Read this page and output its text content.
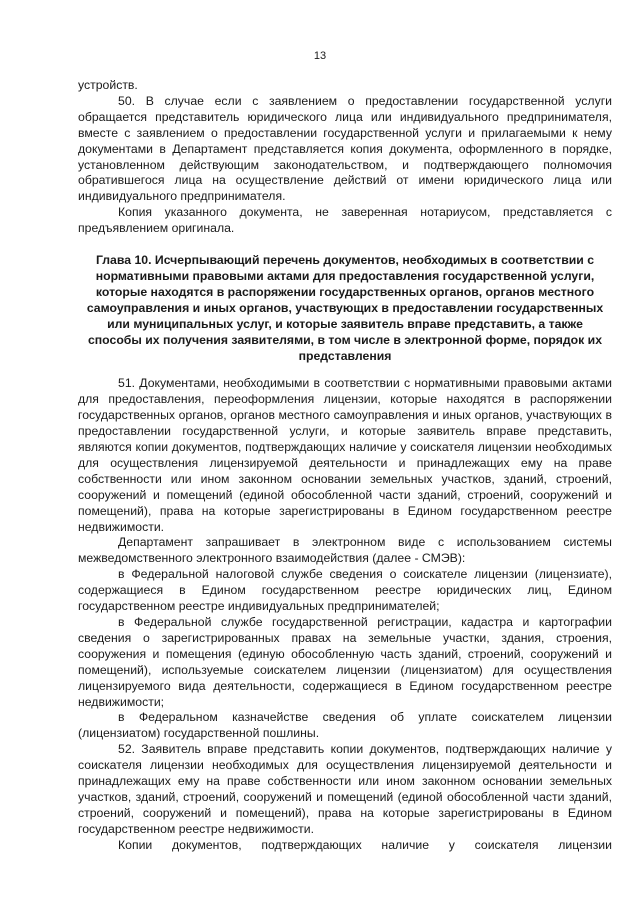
13

устройств.

50. В случае если с заявлением о предоставлении государственной услуги обращается представитель юридического лица или индивидуального предпринимателя, вместе с заявлением о предоставлении государственной услуги и прилагаемыми к нему документами в Департамент представляется копия документа, оформленного в порядке, установленном действующим законодательством, и подтверждающего полномочия обратившегося лица на осуществление действий от имени юридического лица или индивидуального предпринимателя.

Копия указанного документа, не заверенная нотариусом, представляется с предъявлением оригинала.

Глава 10. Исчерпывающий перечень документов, необходимых в соответствии с нормативными правовыми актами для предоставления государственной услуги, которые находятся в распоряжении государственных органов, органов местного самоуправления и иных органов, участвующих в предоставлении государственных или муниципальных услуг, и которые заявитель вправе представить, а также способы их получения заявителями, в том числе в электронной форме, порядок их представления

51. Документами, необходимыми в соответствии с нормативными правовыми актами для предоставления, переоформления лицензии, которые находятся в распоряжении государственных органов, органов местного самоуправления и иных органов, участвующих в предоставлении государственной услуги, и которые заявитель вправе представить, являются копии документов, подтверждающих наличие у соискателя лицензии необходимых для осуществления лицензируемой деятельности и принадлежащих ему на праве собственности или ином законном основании земельных участков, зданий, строений, сооружений и помещений (единой обособленной части зданий, строений, сооружений и помещений), права на которые зарегистрированы в Едином государственном реестре недвижимости.

Департамент запрашивает в электронном виде с использованием системы межведомственного электронного взаимодействия (далее - СМЭВ):

в Федеральной налоговой службе сведения о соискателе лицензии (лицензиате), содержащиеся в Едином государственном реестре юридических лиц, Едином государственном реестре индивидуальных предпринимателей;

в Федеральной службе государственной регистрации, кадастра и картографии сведения о зарегистрированных правах на земельные участки, здания, строения, сооружения и помещения (единую обособленную часть зданий, строений, сооружений и помещений), используемые соискателем лицензии (лицензиатом) для осуществления лицензируемого вида деятельности, содержащиеся в Едином государственном реестре недвижимости;

в Федеральном казначействе сведения об уплате соискателем лицензии (лицензиатом) государственной пошлины.

52. Заявитель вправе представить копии документов, подтверждающих наличие у соискателя лицензии необходимых для осуществления лицензируемой деятельности и принадлежащих ему на праве собственности или ином законном основании земельных участков, зданий, строений, сооружений и помещений (единой обособленной части зданий, строений, сооружений и помещений), права на которые зарегистрированы в Едином государственном реестре недвижимости.

Копии документов, подтверждающих наличие у соискателя лицензии
